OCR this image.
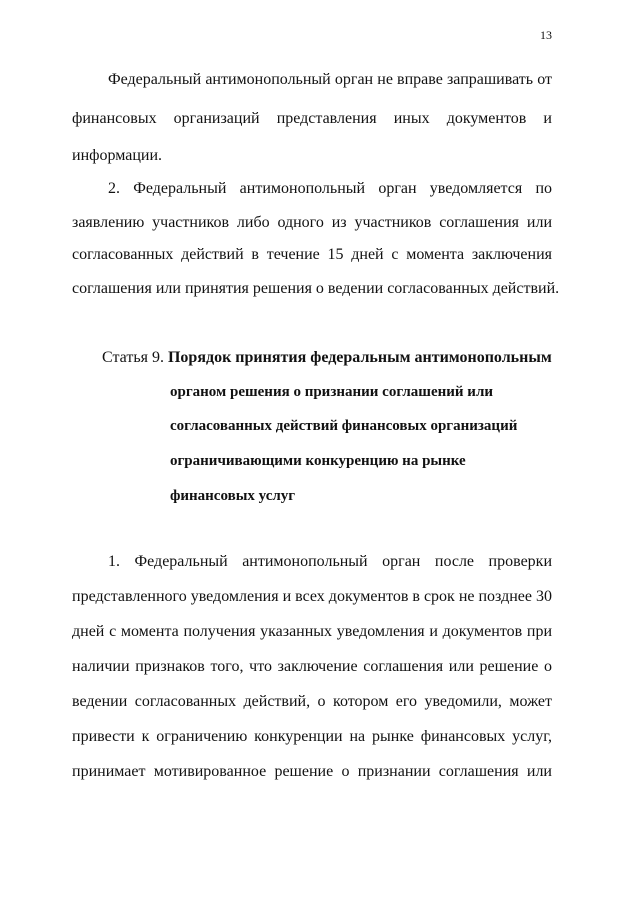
13
Федеральный антимонопольный орган не вправе запрашивать от
финансовых организаций представления иных документов и
информации.
2. Федеральный антимонопольный орган уведомляется по
заявлению участников либо одного из участников соглашения или
согласованных действий в течение 15 дней с момента заключения
соглашения или принятия решения о ведении согласованных действий.
Статья 9. Порядок принятия федеральным антимонопольным
органом решения о признании соглашений или
согласованных действий финансовых организаций
ограничивающими конкуренцию на рынке
финансовых услуг
1. Федеральный антимонопольный орган после проверки
представленного уведомления и всех документов в срок не позднее 30
дней с момента получения указанных уведомления и документов при
наличии признаков того, что заключение соглашения или решение о
ведении согласованных действий, о котором его уведомили, может
привести к ограничению конкуренции на рынке финансовых услуг,
принимает мотивированное решение о признании соглашения или
